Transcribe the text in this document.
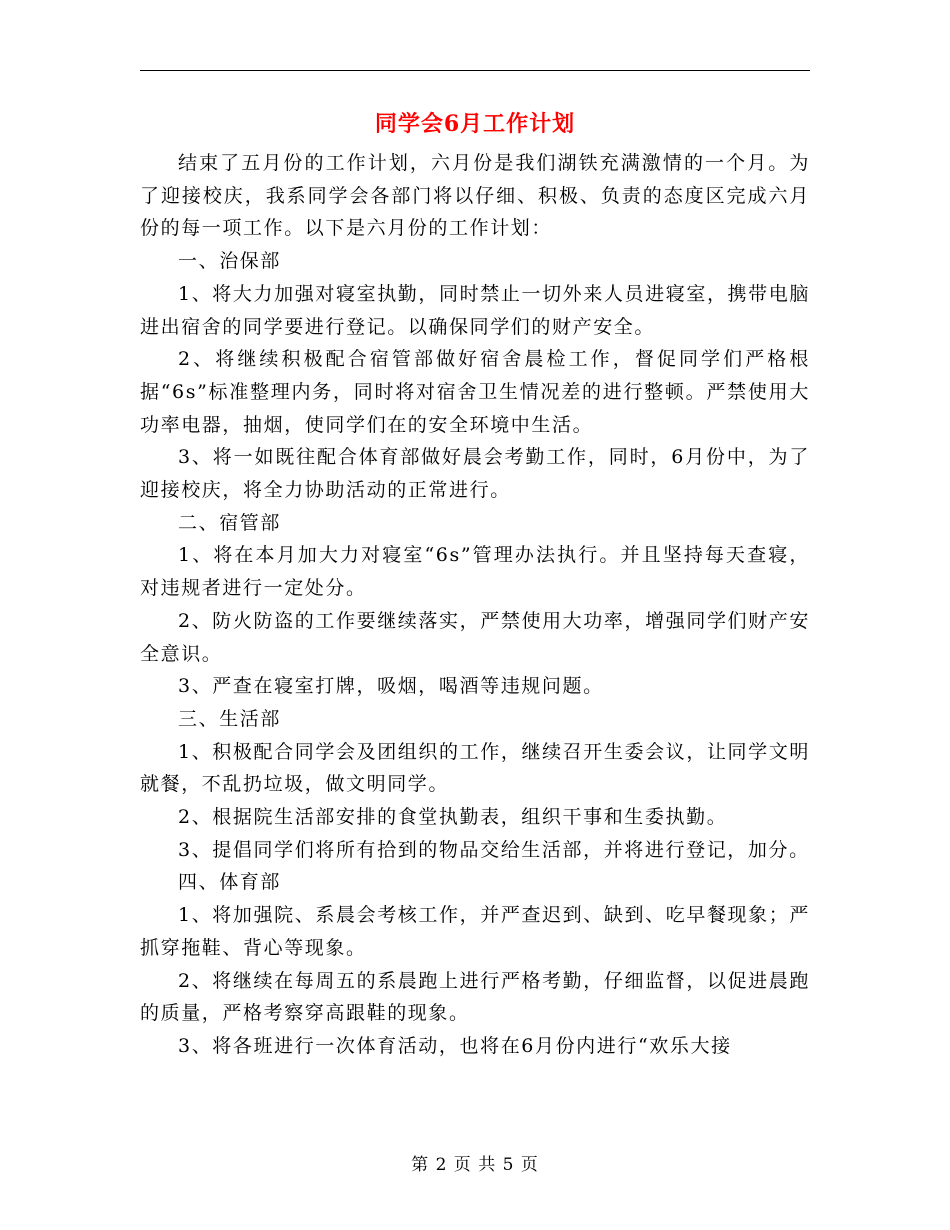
同学会6月工作计划

结束了五月份的工作计划，六月份是我们湖铁充满激情的一个月。为了迎接校庆，我系同学会各部门将以仔细、积极、负责的态度区完成六月份的每一项工作。以下是六月份的工作计划：

一、治保部

1、将大力加强对寝室执勤，同时禁止一切外来人员进寝室，携带电脑进出宿舍的同学要进行登记。以确保同学们的财产安全。

2、将继续积极配合宿管部做好宿舍晨检工作，督促同学们严格根据“6s”标准整理内务，同时将对宿舍卫生情况差的进行整顿。严禁使用大功率电器，抽烟，使同学们在的安全环境中生活。

3、将一如既往配合体育部做好晨会考勤工作，同时，6月份中，为了迎接校庆，将全力协助活动的正常进行。

二、宿管部

1、将在本月加大力对寝室“6s”管理办法执行。并且坚持每天查寝，对违规者进行一定处分。

2、防火防盗的工作要继续落实，严禁使用大功率，增强同学们财产安全意识。

3、严查在寝室打牌，吸烟，喝酒等违规问题。

三、生活部

1、积极配合同学会及团组织的工作，继续召开生委会议，让同学文明就餐，不乱扔垃圾，做文明同学。

2、根据院生活部安排的食堂执勤表，组织干事和生委执勤。

3、提倡同学们将所有拾到的物品交给生活部，并将进行登记，加分。

四、体育部

1、将加强院、系晨会考核工作，并严查迟到、缺到、吃早餐现象；严抓穿拖鞋、背心等现象。

2、将继续在每周五的系晨跑上进行严格考勤，仔细监督，以促进晨跑的质量，严格考察穿高跟鞋的现象。

3、将各班进行一次体育活动，也将在6月份内进行“欢乐大接

第 2 页 共 5 页
